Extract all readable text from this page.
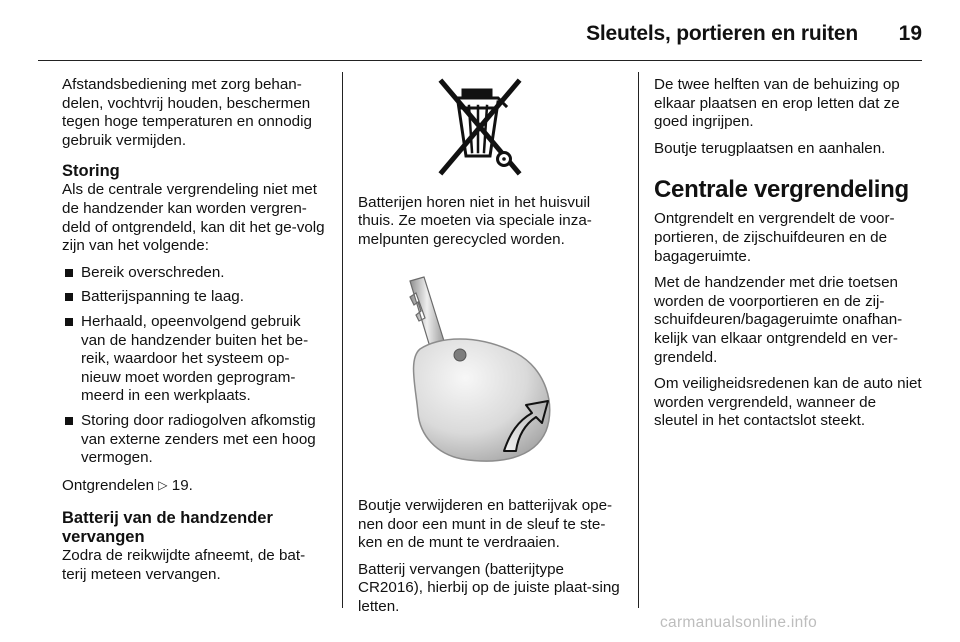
Sleutels, portieren en ruiten 19

Afstandsbediening met zorg behan-delen, vochtvrij houden, beschermen tegen hoge temperaturen en onnodig gebruik vermijden.

Storing

Als de centrale vergrendeling niet met de handzender kan worden vergren-deld of ontgrendeld, kan dit het ge-volg zijn van het volgende:

Bereik overschreden.
Batterijspanning te laag.
Herhaald, opeenvolgend gebruik van de handzender buiten het be-reik, waardoor het systeem op-nieuw moet worden geprogram-meerd in een werkplaats.
Storing door radiogolven afkomstig van externe zenders met een hoog vermogen.

Ontgrendelen ▷ 19.

Batterij van de handzender vervangen

Zodra de reikwijdte afneemt, de bat-terij meteen vervangen.

Batterijen horen niet in het huisvuil thuis. Ze moeten via speciale inza-melpunten gerecycled worden.

Boutje verwijderen en batterijvak ope-nen door een munt in de sleuf te ste-ken en de munt te verdraaien.

Batterij vervangen (batterijtype CR2016), hierbij op de juiste plaat-sing letten.

De twee helften van de behuizing op elkaar plaatsen en erop letten dat ze goed ingrijpen.

Boutje terugplaatsen en aanhalen.

Centrale vergrendeling

Ontgrendelt en vergrendelt de voor-portieren, de zijschuifdeuren en de bagageruimte.

Met de handzender met drie toetsen worden de voorportieren en de zij-schuifdeuren/bagageruimte onafhan-kelijk van elkaar ontgrendeld en ver-grendeld.

Om veiligheidsredenen kan de auto niet worden vergrendeld, wanneer de sleutel in het contactslot steekt.

carmanualsonline.info
